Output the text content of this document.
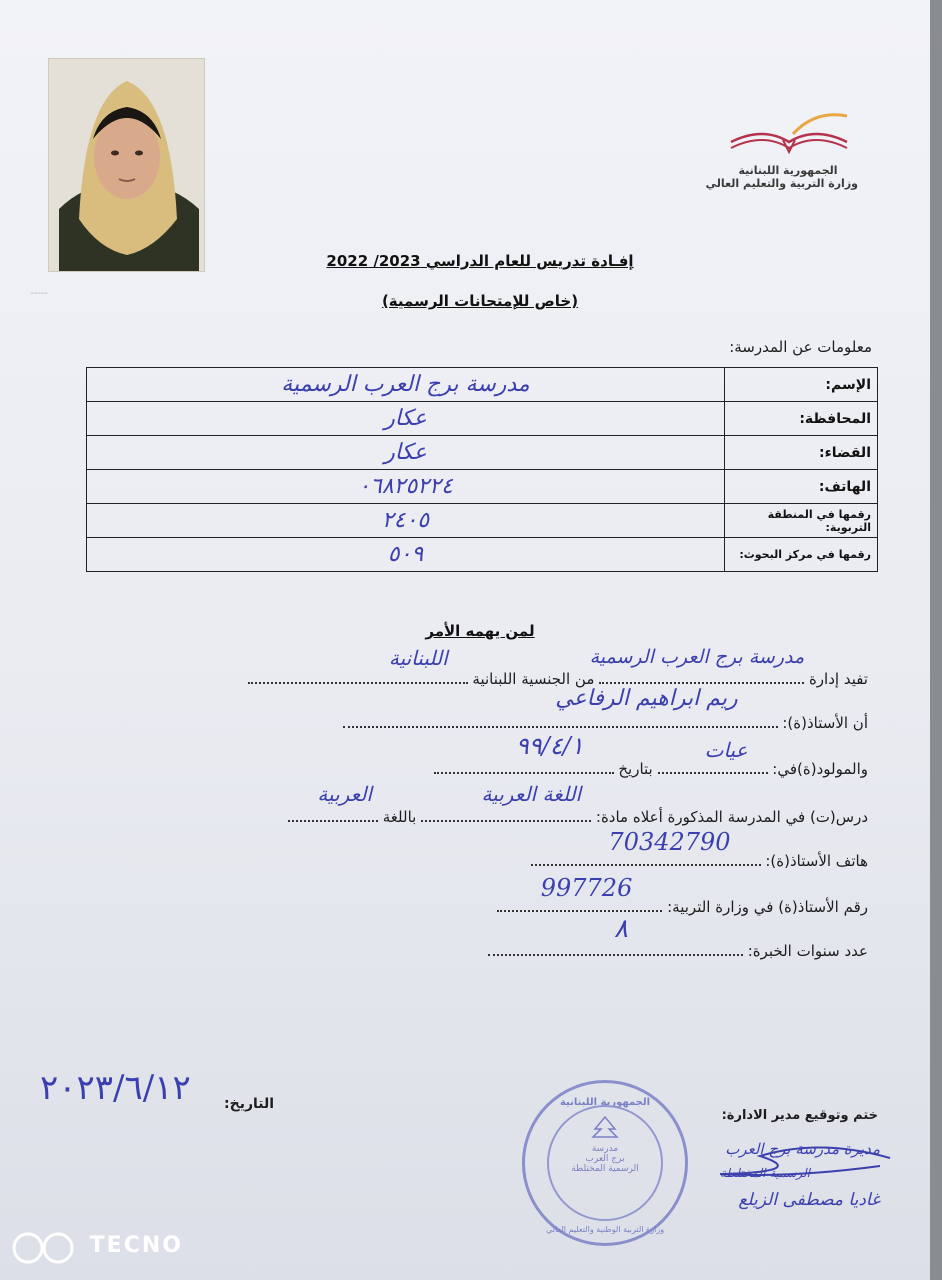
-----
الجمهورية اللبنانية
وزارة التربية والتعليم العالي
إفـادة تدريس للعام الدراسي 2023/ 2022
(خاص للإمتحانات الرسمية)
معلومات عن المدرسة:
الإسم:	مدرسة برج العرب الرسمية
المحافظة:	عكار
القضاء:	عكار
الهاتف:	٠٦٨٢٥٢٢٤
رقمها في المنطقة التربوية:	٢٤٠٥
رقمها في مركز البحوث:	٥٠٩
لمن يهمه الأمر
تفيد إدارة
مدرسة برج العرب الرسمية
من الجنسية اللبنانية
اللبنانية
أن الأستاذ(ة):
ريم ابراهيم الرفاعي
والمولود(ة)في:
عيات
بتاريخ
٩٩/٤/١
درس(ت) في المدرسة المذكورة أعلاه مادة:
اللغة العربية
باللغة
العربية
هاتف الأستاذ(ة):
70342790
رقم الأستاذ(ة) في وزارة التربية:
997726
عدد سنوات الخبرة:
٨
التاريخ:
٢٠٢٣/٦/١٢
ختم وتوقيع مدير الادارة:
مديرة مدرسة برج العرب
الرسمية المختلطة
غاديا مصطفى الزيلع
الجمهورية اللبنانية
مدرسة
برج العرب
الرسمية المختلطة
وزارة التربية الوطنية والتعليم العالي
TECNO
